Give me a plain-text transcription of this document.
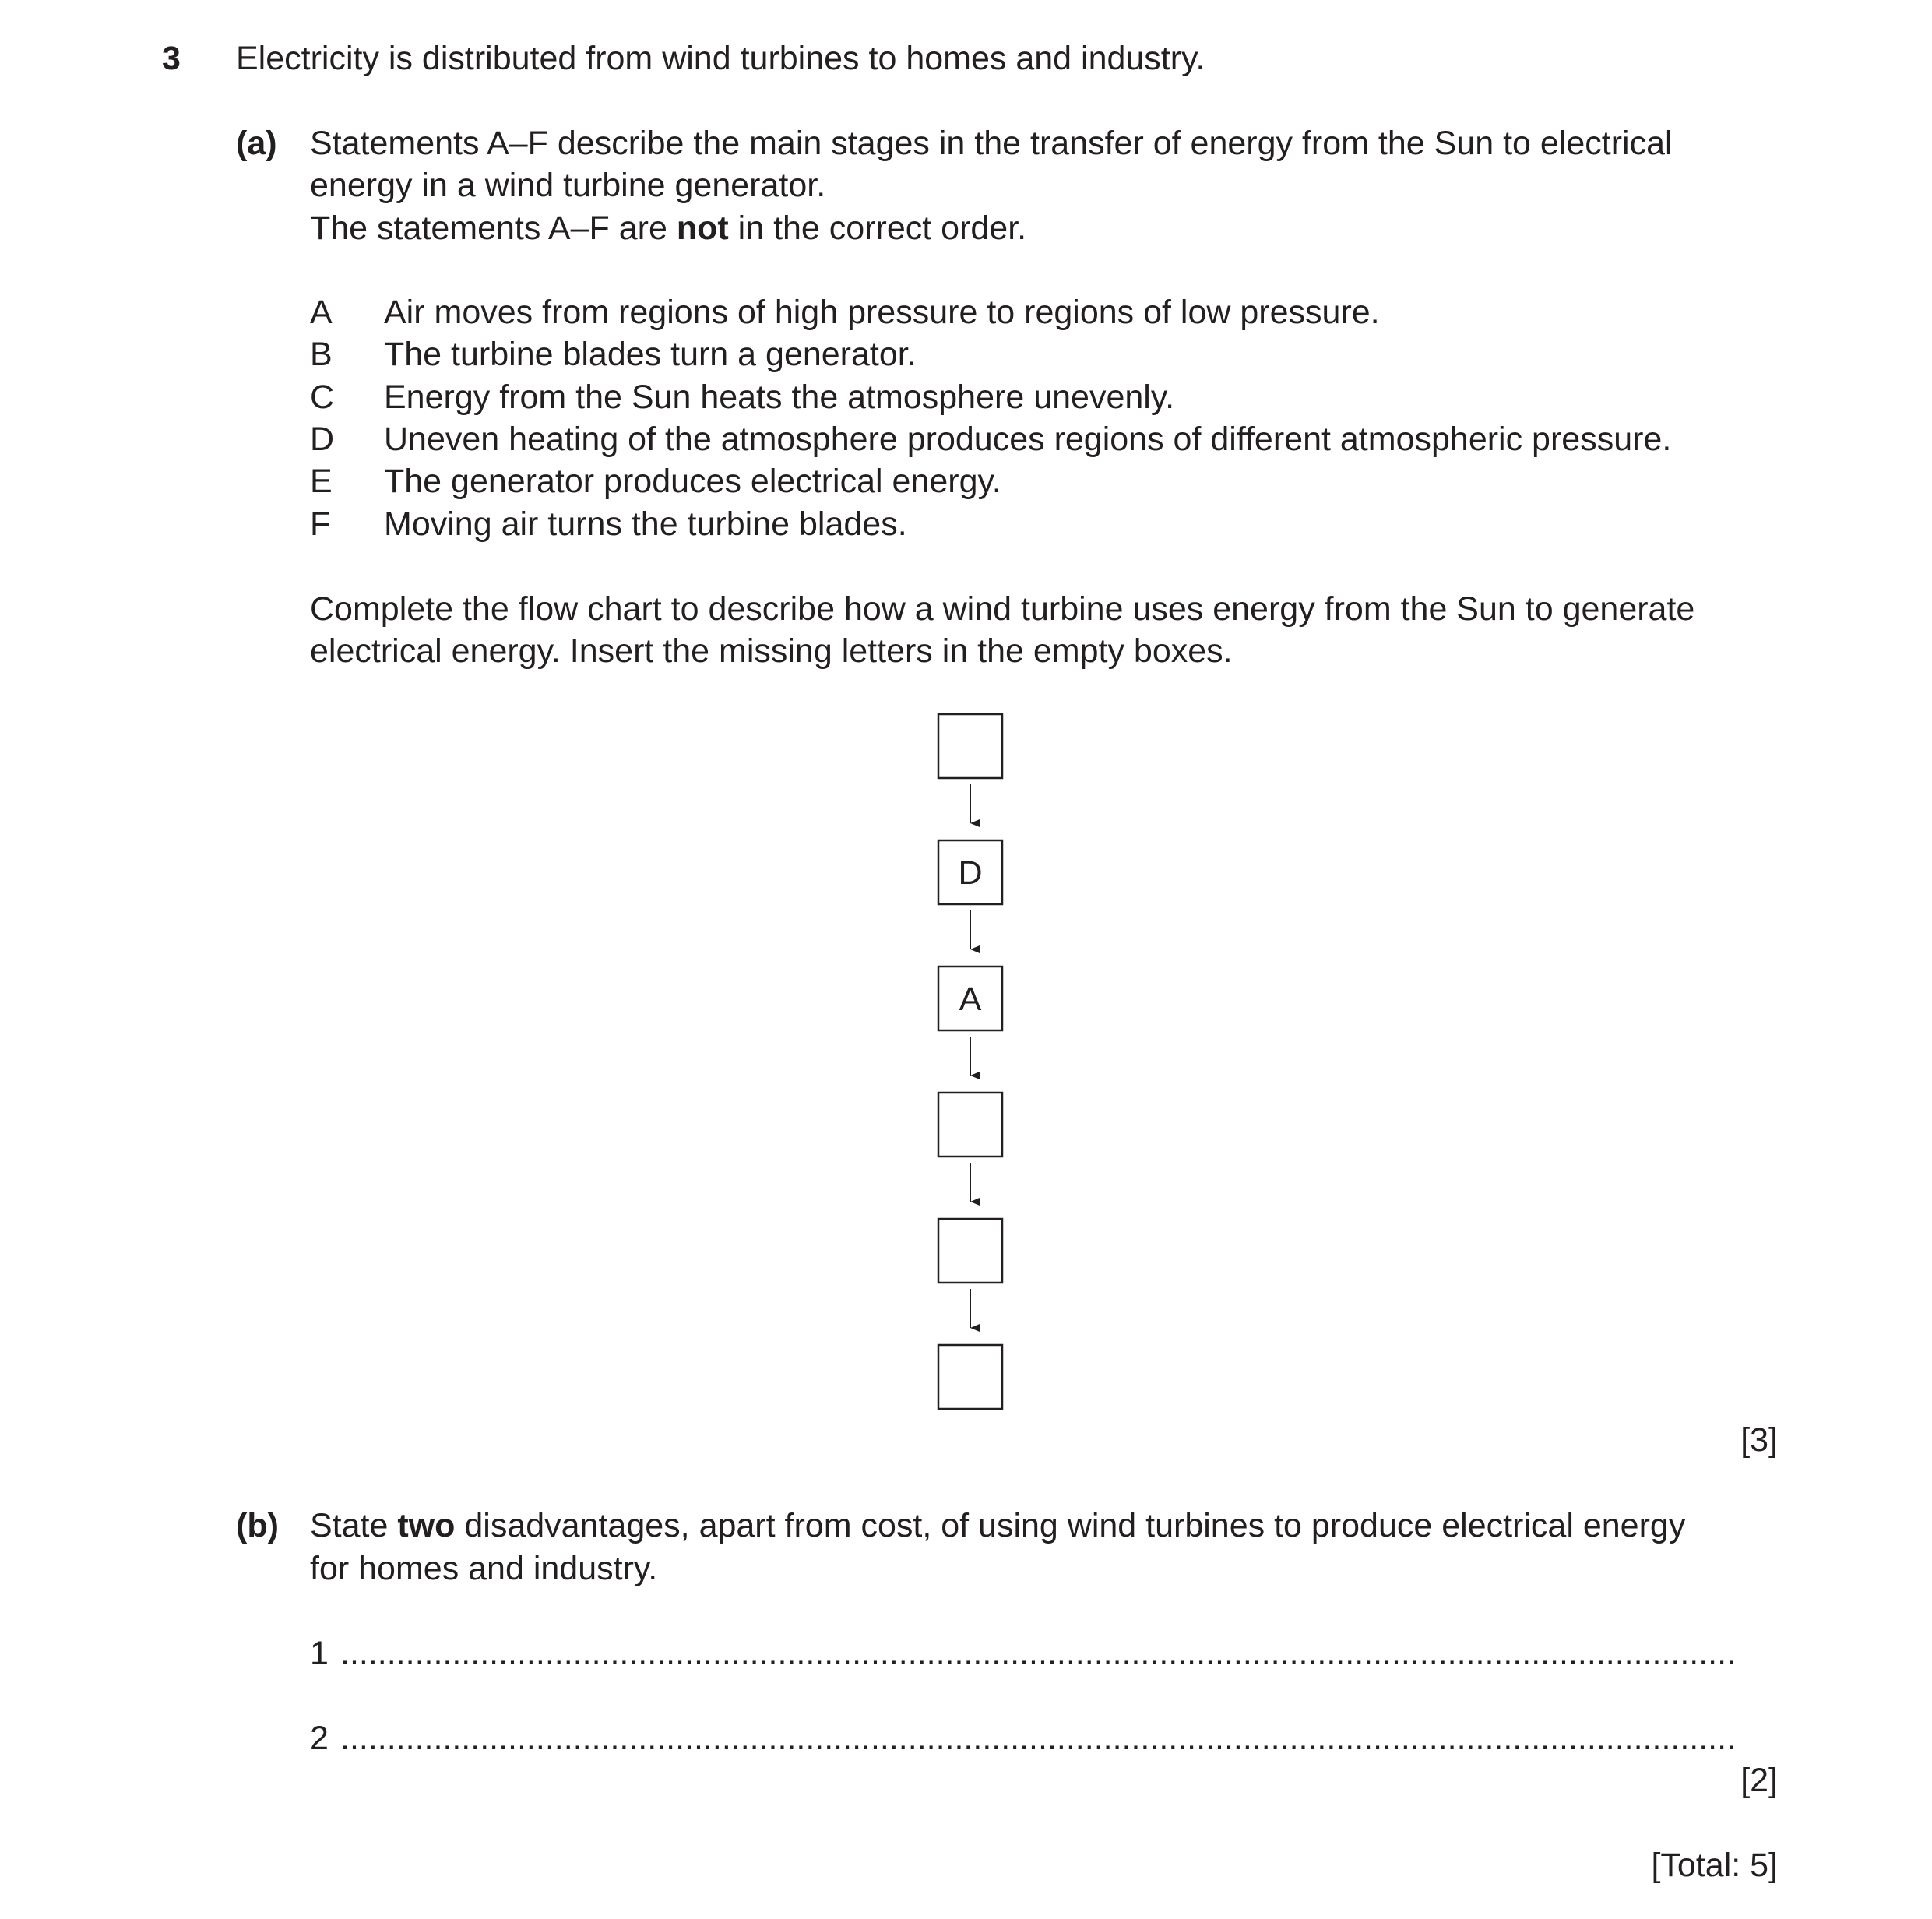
3 Electricity is distributed from wind turbines to homes and industry.
(a) Statements A–F describe the main stages in the transfer of energy from the Sun to electrical
energy in a wind turbine generator.
The statements A–F are not in the correct order.
A Air moves from regions of high pressure to regions of low pressure.
B The turbine blades turn a generator.
C Energy from the Sun heats the atmosphere unevenly.
D Uneven heating of the atmosphere produces regions of different atmospheric pressure.
E The generator produces electrical energy.
F Moving air turns the turbine blades.
Complete the flow chart to describe how a wind turbine uses energy from the Sun to generate
electrical energy. Insert the missing letters in the empty boxes.
D
A
[3]
(b) State two disadvantages, apart from cost, of using wind turbines to produce electrical energy
for homes and industry.
1 ......................................................................................................................................................
2 ......................................................................................................................................................
[2]
[Total: 5]
